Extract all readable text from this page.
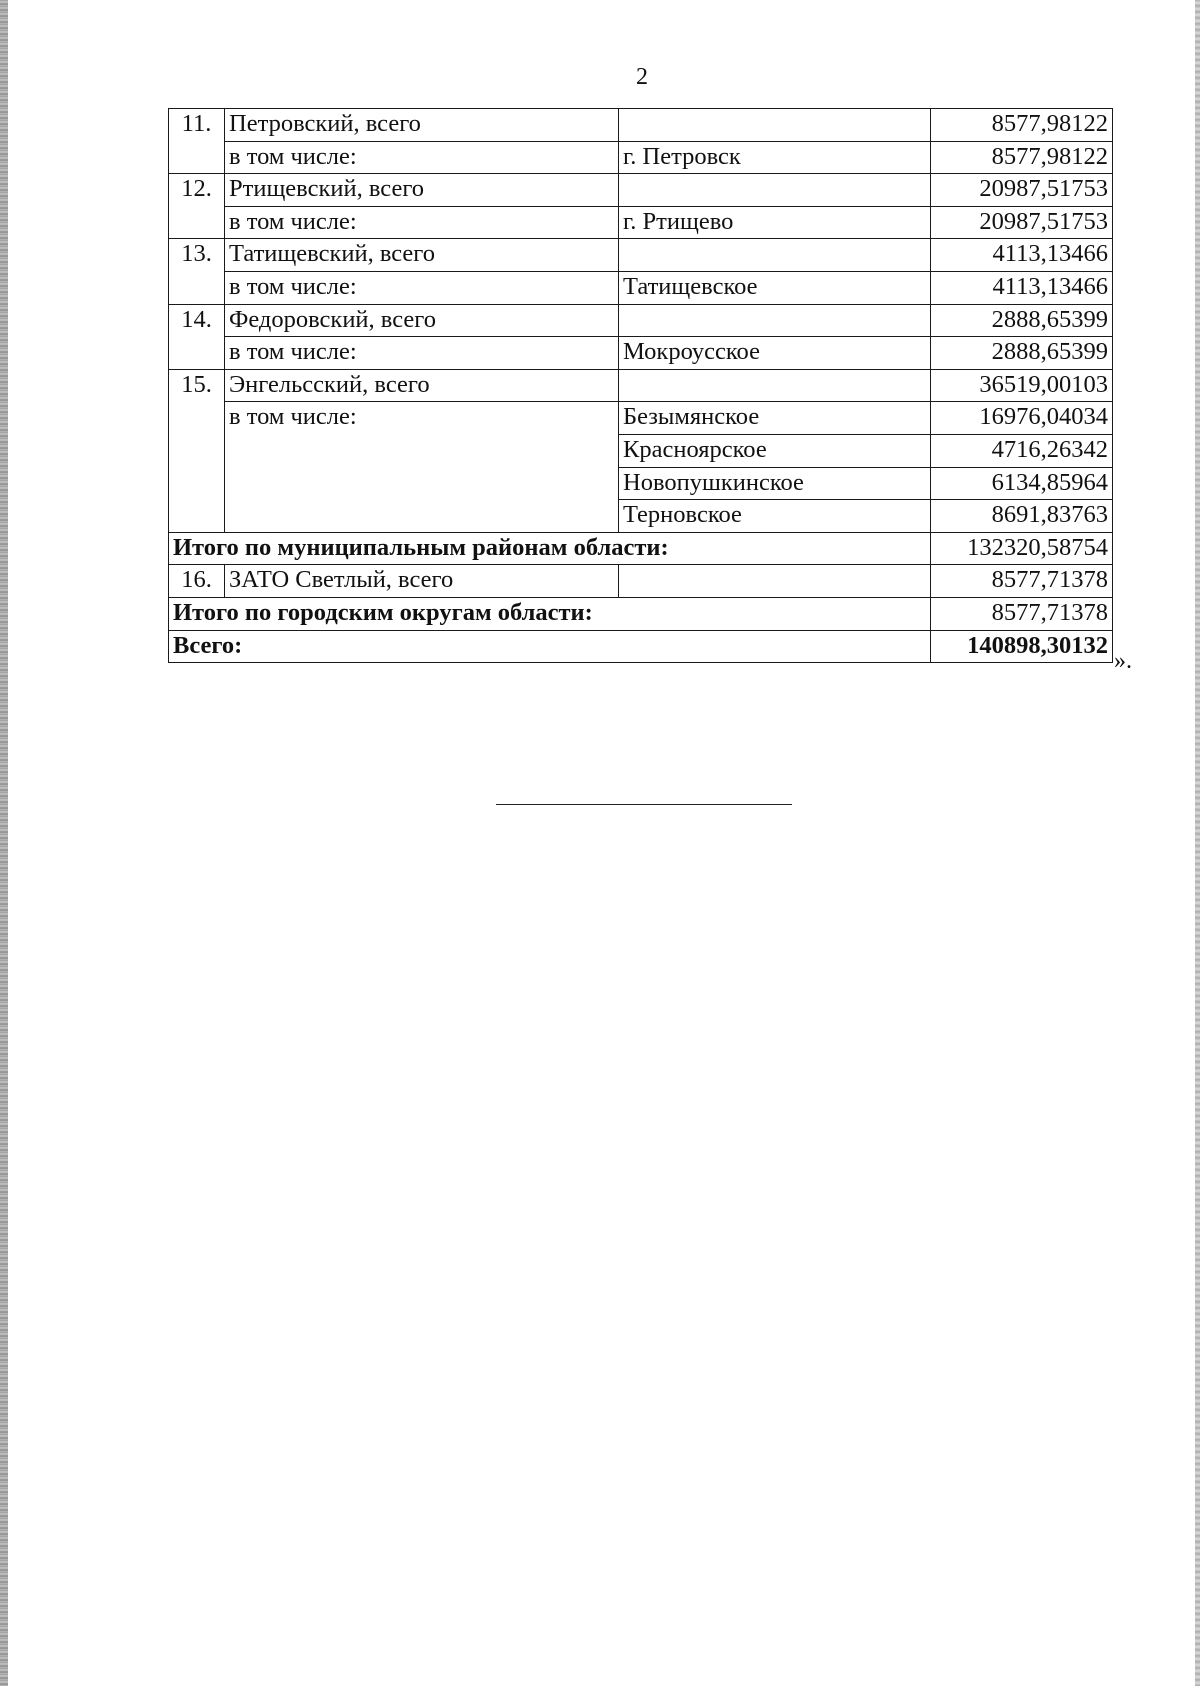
2
11.	Петровский, всего		8577,98122
	в том числе:	г. Петровск	8577,98122
12.	Ртищевский, всего		20987,51753
	в том числе:	г. Ртищево	20987,51753
13.	Татищевский, всего		4113,13466
	в том числе:	Татищевское	4113,13466
14.	Федоровский, всего		2888,65399
	в том числе:	Мокроусское	2888,65399
15.	Энгельсский, всего		36519,00103
	в том числе:	Безымянское	16976,04034
		Красноярское	4716,26342
		Новопушкинское	6134,85964
		Терновское	8691,83763
Итого по муниципальным районам области:			132320,58754
16.	ЗАТО Светлый, всего		8577,71378
Итого по городским округам области:			8577,71378
Всего:			140898,30132
».
